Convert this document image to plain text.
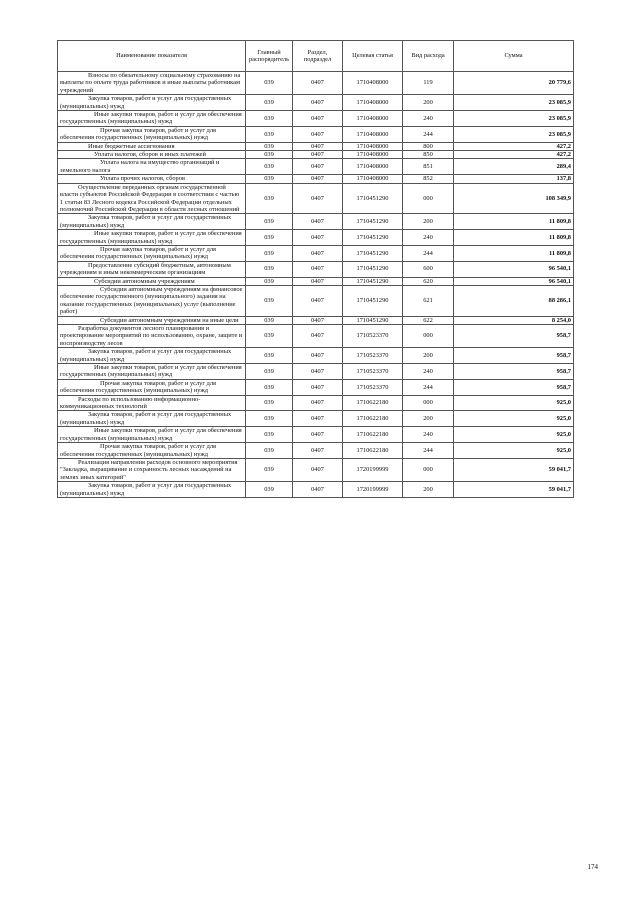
Наименование показателя	Главный распорядитель	Раздел, подраздел	Целевая статья	Вид расхода	Сумма
Взносы по обязательному социальному страхованию на выплаты по оплате труда работников и иные выплаты работникам учреждений	039	0407	1710408000	119	20 779,6
Закупка товаров, работ и услуг для государственных (муниципальных) нужд	039	0407	1710408000	200	23 085,9
Иные закупки товаров, работ и услуг для обеспечения государственных (муниципальных) нужд	039	0407	1710408000	240	23 085,9
Прочая закупка товаров, работ и услуг для обеспечения государственных (муниципальных) нужд	039	0407	1710408000	244	23 085,9
Иные бюджетные ассигнования	039	0407	1710408000	800	427,2
Уплата налогов, сборов и иных платежей	039	0407	1710408000	850	427,2
Уплата налога на имущество организаций и земельного налога	039	0407	1710408000	851	289,4
Уплата прочих налогов, сборов	039	0407	1710408000	852	137,8
Осуществление переданных органам государственной власти субъектов Российской Федерации в соответствии с частью 1 статьи 83 Лесного кодекса Российской Федерации отдельных полномочий Российской Федерации в области лесных отношений	039	0407	1710451290	000	108 349,9
Закупка товаров, работ и услуг для государственных (муниципальных) нужд	039	0407	1710451290	200	11 809,8
Иные закупки товаров, работ и услуг для обеспечения государственных (муниципальных) нужд	039	0407	1710451290	240	11 809,8
Прочая закупка товаров, работ и услуг для обеспечения государственных (муниципальных) нужд	039	0407	1710451290	244	11 809,8
Предоставление субсидий бюджетным, автономным учреждениям и иным некоммерческим организациям	039	0407	1710451290	600	96 540,1
Субсидии автономным учреждениям	039	0407	1710451290	620	96 540,1
Субсидии автономным учреждениям на финансовое обеспечение государственного (муниципального) задания на оказание государственных (муниципальных) услуг (выполнение работ)	039	0407	1710451290	621	88 286,1
Субсидии автономным учреждениям на иные цели	039	0407	1710451290	622	8 254,0
Разработка документов лесного планирования и проектирование мероприятий по использованию, охране, защите и воспроизводству лесов	039	0407	1710523370	000	958,7
Закупка товаров, работ и услуг для государственных (муниципальных) нужд	039	0407	1710523370	200	958,7
Иные закупки товаров, работ и услуг для обеспечения государственных (муниципальных) нужд	039	0407	1710523370	240	958,7
Прочая закупка товаров, работ и услуг для обеспечения государственных (муниципальных) нужд	039	0407	1710523370	244	958,7
Расходы по использованию информационно-коммуникационных технологий	039	0407	1710622180	000	925,0
Закупка товаров, работ и услуг для государственных (муниципальных) нужд	039	0407	1710622180	200	925,0
Иные закупки товаров, работ и услуг для обеспечения государственных (муниципальных) нужд	039	0407	1710622180	240	925,0
Прочая закупка товаров, работ и услуг для обеспечения государственных (муниципальных) нужд	039	0407	1710622180	244	925,0
Реализация направления расходов основного мероприятия "Закладка, выращивание и сохранность лесных насаждений на землях иных категорий"	039	0407	1720199999	000	59 041,7
Закупка товаров, работ и услуг для государственных (муниципальных) нужд	039	0407	1720199999	200	59 041,7
174
